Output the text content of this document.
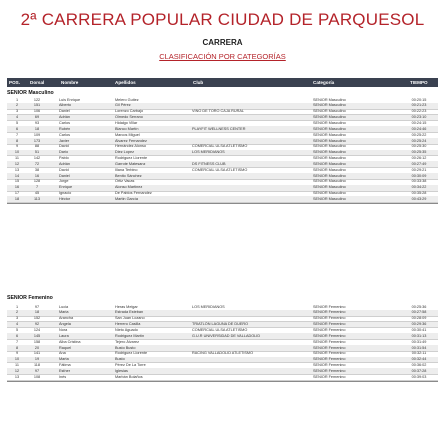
2ª CARRERA POPULAR CIUDAD DE PARQUESOL
CARRERA
CLASIFICACIÓN POR CATEGORÍAS
POS. Dorsal	Nombre	Apellidos	Club	Categoría	TIEMPO
SENIOR Masculino
1	122	Luis Enrique	Melero Gutiez	SENIOR Masculino	00:20:15
2	151	Alberto	Gil Pérez	SENIOR Masculino	00:21:23
3	106	Daniel	Lorenzo Carbajo	VINO DE TORO CAJA RURAL	SENIOR Masculino	00:22:23
4	69	Adrián	Olmedo Serrano	SENIOR Masculino	00:23:10
5	93	Carlos	Hidalgo Villar	SENIOR Masculino	00:24:15
6	18	Rubén	Blanco Martín	PLAYFIT WELLNESS CENTER	SENIOR Masculino	00:24:46
7	109	Carlos	Marcos Miguel	SENIOR Masculino	00:25:22
8	173	Javier	Álvarez Fernandez	SENIOR Masculino	00:25:24
9	88	David	Hernández Alonso	COMERCIAL ULSA ATLETISMO	SENIOR Masculino	00:25:30
10	51	Dario	Diez Lopez	LOS MERIDIANOS	SENIOR Masculino	00:25:35
11	142	Pablo	Rodriguez Llorente	SENIOR Masculino	00:26:12
12	72	Adrián	Garrote Matesanz	DS FITNESS CLUB	SENIOR Masculino	00:27:49
13	38	David	Illana Terbino	COMERCIAL ULSA ATLETISMO	SENIOR Masculino	00:29:21
14	16	Daniel	Benito Sánchez	SENIOR Masculino	00:30:09
15	128	Jorge	Ortiz Vacas	SENIOR Masculino	00:33:38
16	7	Enrique	Alonso Martinez	SENIOR Masculino	00:34:22
17	45	Ignacio	De Pablos Fernandez	SENIOR Masculino	00:35:28
18	113	Héctor	Martin García	SENIOR Masculino	00:43:29
SENIOR Femenino
1	97	Lucia	Heras Melgar	LOS MERIDIANOS	SENIOR Femenino	00:25:36
2	18	Maria	Estrada Esteban	SENIOR Femenino	00:27:58
3	152	Arancha	San Juan Lozano	SENIOR Femenino	00:28:09
4	92	Ángela	Herrero Casilla	TRIATLÓN LAGUNA DE DUERO	SENIOR Femenino	00:29:36
5	124	Nora	Nieto Aguado	COMERCIAL ULSA ATLETISMO	SENIOR Femenino	00:30:41
6	145	Laura	Rodriguez Martín	G.U.R UNIVERSIDAD DE VALLADOLID	SENIOR Femenino	00:31:13
7	158	Alba Cristina	Tejero Álvarez	SENIOR Femenino	00:31:49
8	20	Raquel	Busto Busto	SENIOR Femenino	00:31:54
9	141	Ana	Rodriguez Llorente	RACING VALLADOLID ATLETISMO	SENIOR Femenino	00:32:11
10	19	Marta	Busto	SENIOR Femenino	00:32:44
11	118	Fátima	Pérez De La Torre	SENIOR Femenino	00:36:02
12	97	Esther	Iglesias	SENIOR Femenino	00:37:28
13	108	Inés	Marbán Bolaños	SENIOR Femenino	00:39:03
